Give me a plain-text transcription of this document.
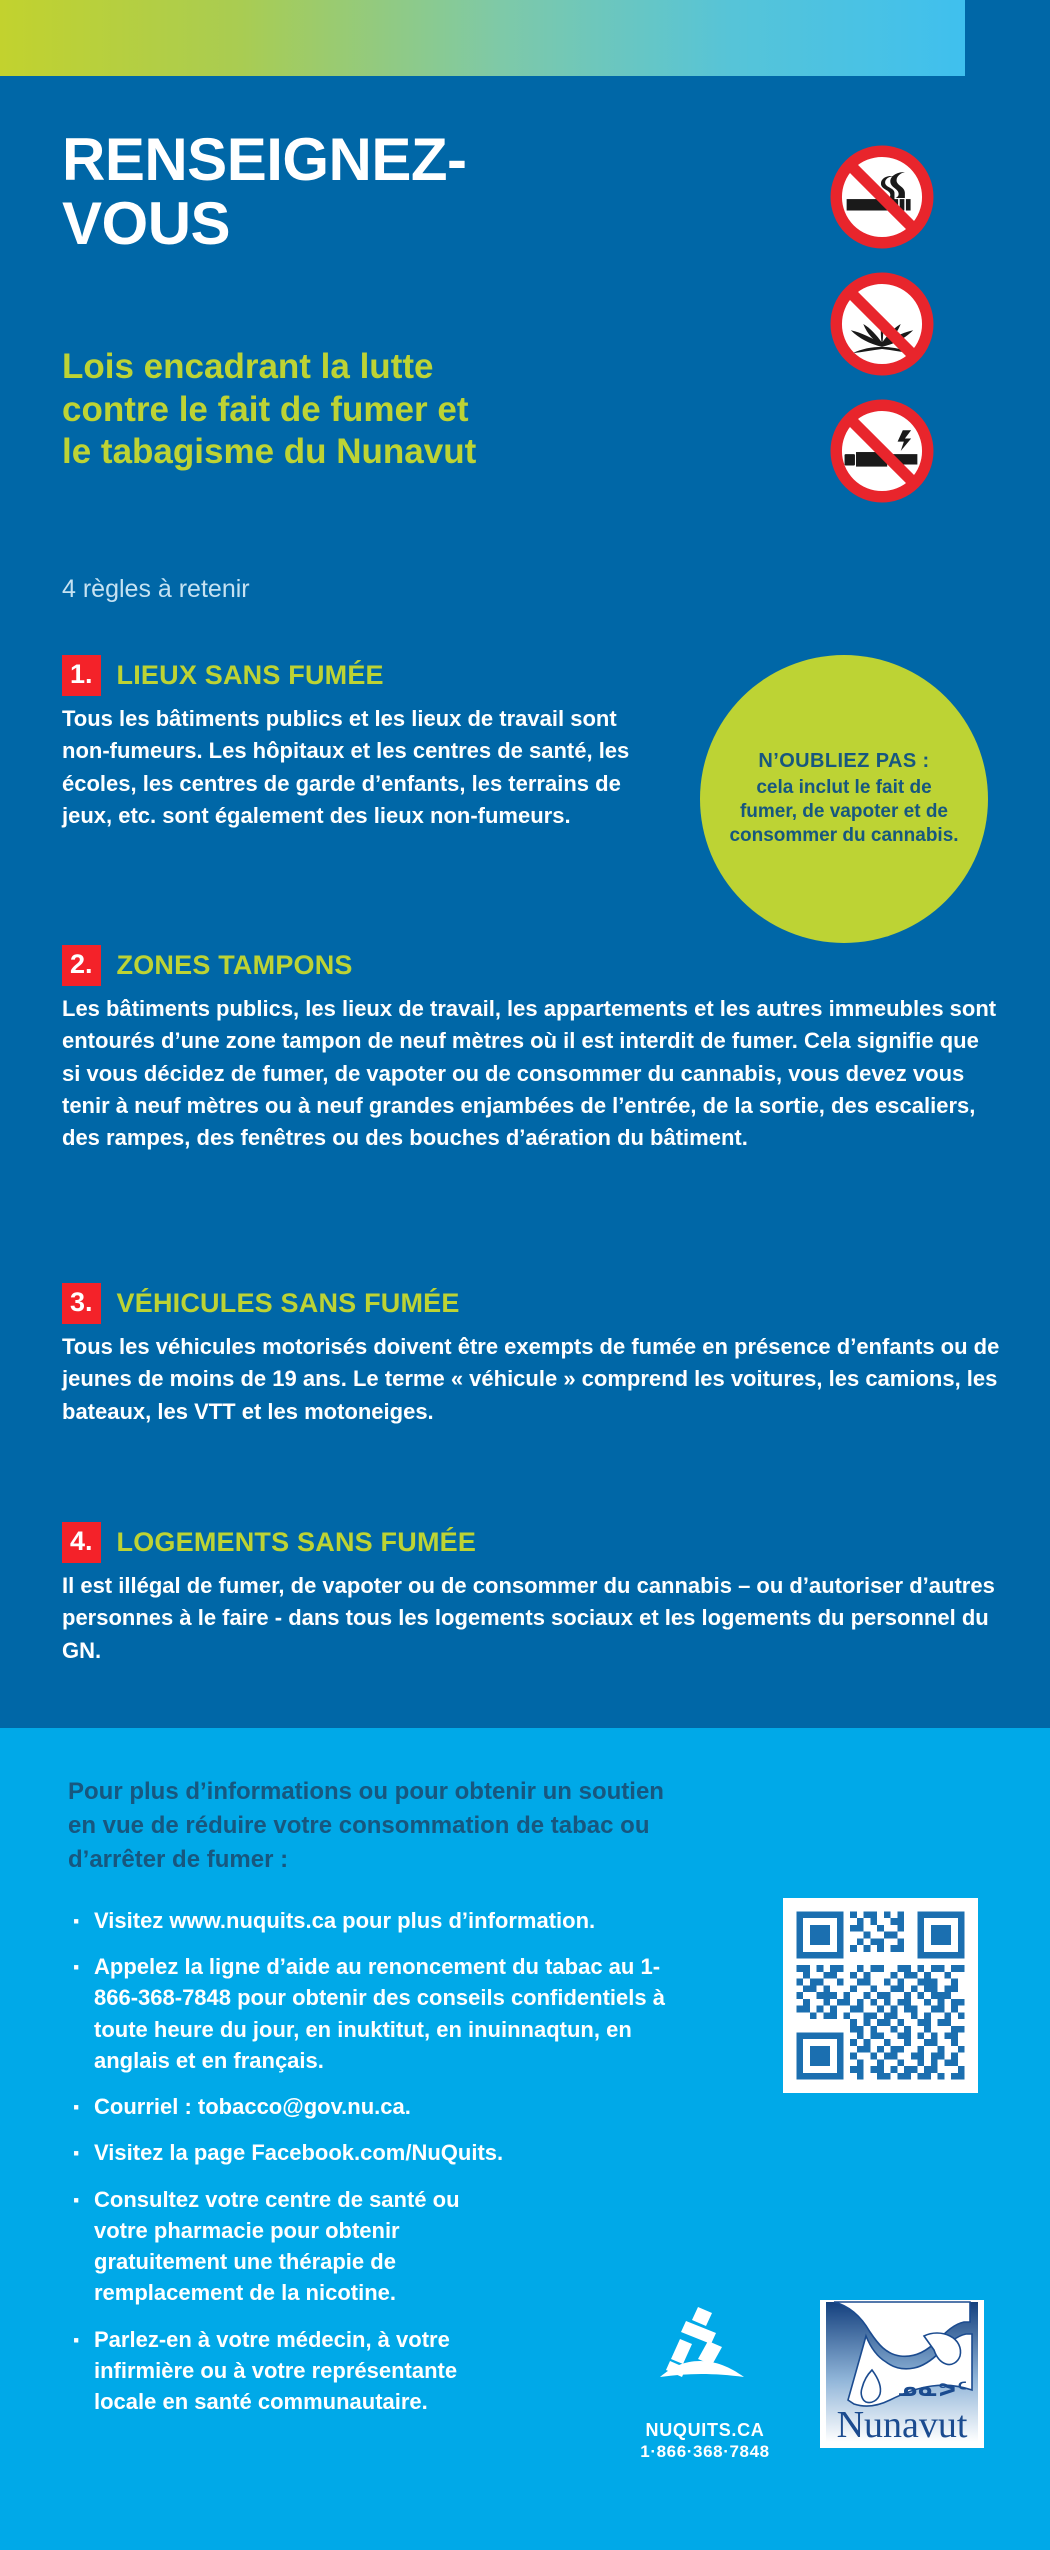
RENSEIGNEZ-
VOUS
Lois encadrant la lutte
contre le fait de fumer et
le tabagisme du Nunavut
4 règles à retenir

N’OUBLIEZ PAS :
cela inclut le fait de fumer, de vapoter et de consommer du cannabis.
1. LIEUX SANS FUMÉE
Tous les bâtiments publics et les lieux de travail sont non-fumeurs. Les hôpitaux et les centres de santé, les écoles, les centres de garde d’enfants, les terrains de jeux, etc. sont également des lieux non-fumeurs.
2. ZONES TAMPONS
Les bâtiments publics, les lieux de travail, les appartements et les autres immeubles sont entourés d’une zone tampon de neuf mètres où il est interdit de fumer. Cela signifie que si vous décidez de fumer, de vapoter ou de consommer du cannabis, vous devez vous tenir à neuf mètres ou à neuf grandes enjambées de l’entrée, de la sortie, des escaliers, des rampes, des fenêtres ou des bouches d’aération du bâtiment.
3. VÉHICULES SANS FUMÉE
Tous les véhicules motorisés doivent être exempts de fumée en présence d’enfants ou de jeunes de moins de 19 ans. Le terme « véhicule » comprend les voitures, les camions, les bateaux, les VTT et les motoneiges.
4. LOGEMENTS SANS FUMÉE
Il est illégal de fumer, de vapoter ou de consommer du cannabis – ou d’autoriser d’autres personnes à le faire - dans tous les logements sociaux et les logements du personnel du GN.
Pour plus d’informations ou pour obtenir un soutien en vue de réduire votre consommation de tabac ou d’arrêter de fumer :
· Visitez www.nuquits.ca pour plus d’information.
· Appelez la ligne d’aide au renoncement du tabac au 1-866-368-7848 pour obtenir des conseils confidentiels à toute heure du jour, en inuktitut, en inuinnaqtun, en anglais et en français.
· Courriel : tobacco@gov.nu.ca.
· Visitez la page Facebook.com/NuQuits.
· Consultez votre centre de santé ou votre pharmacie pour obtenir gratuitement une thérapie de remplacement de la nicotine.
· Parlez-en à votre médecin, à votre infirmière ou à votre représentante locale en santé communautaire.
NUQUITS.CA
1·866·368·7848
ᓄᓇᕗᑦ
Nunavut
